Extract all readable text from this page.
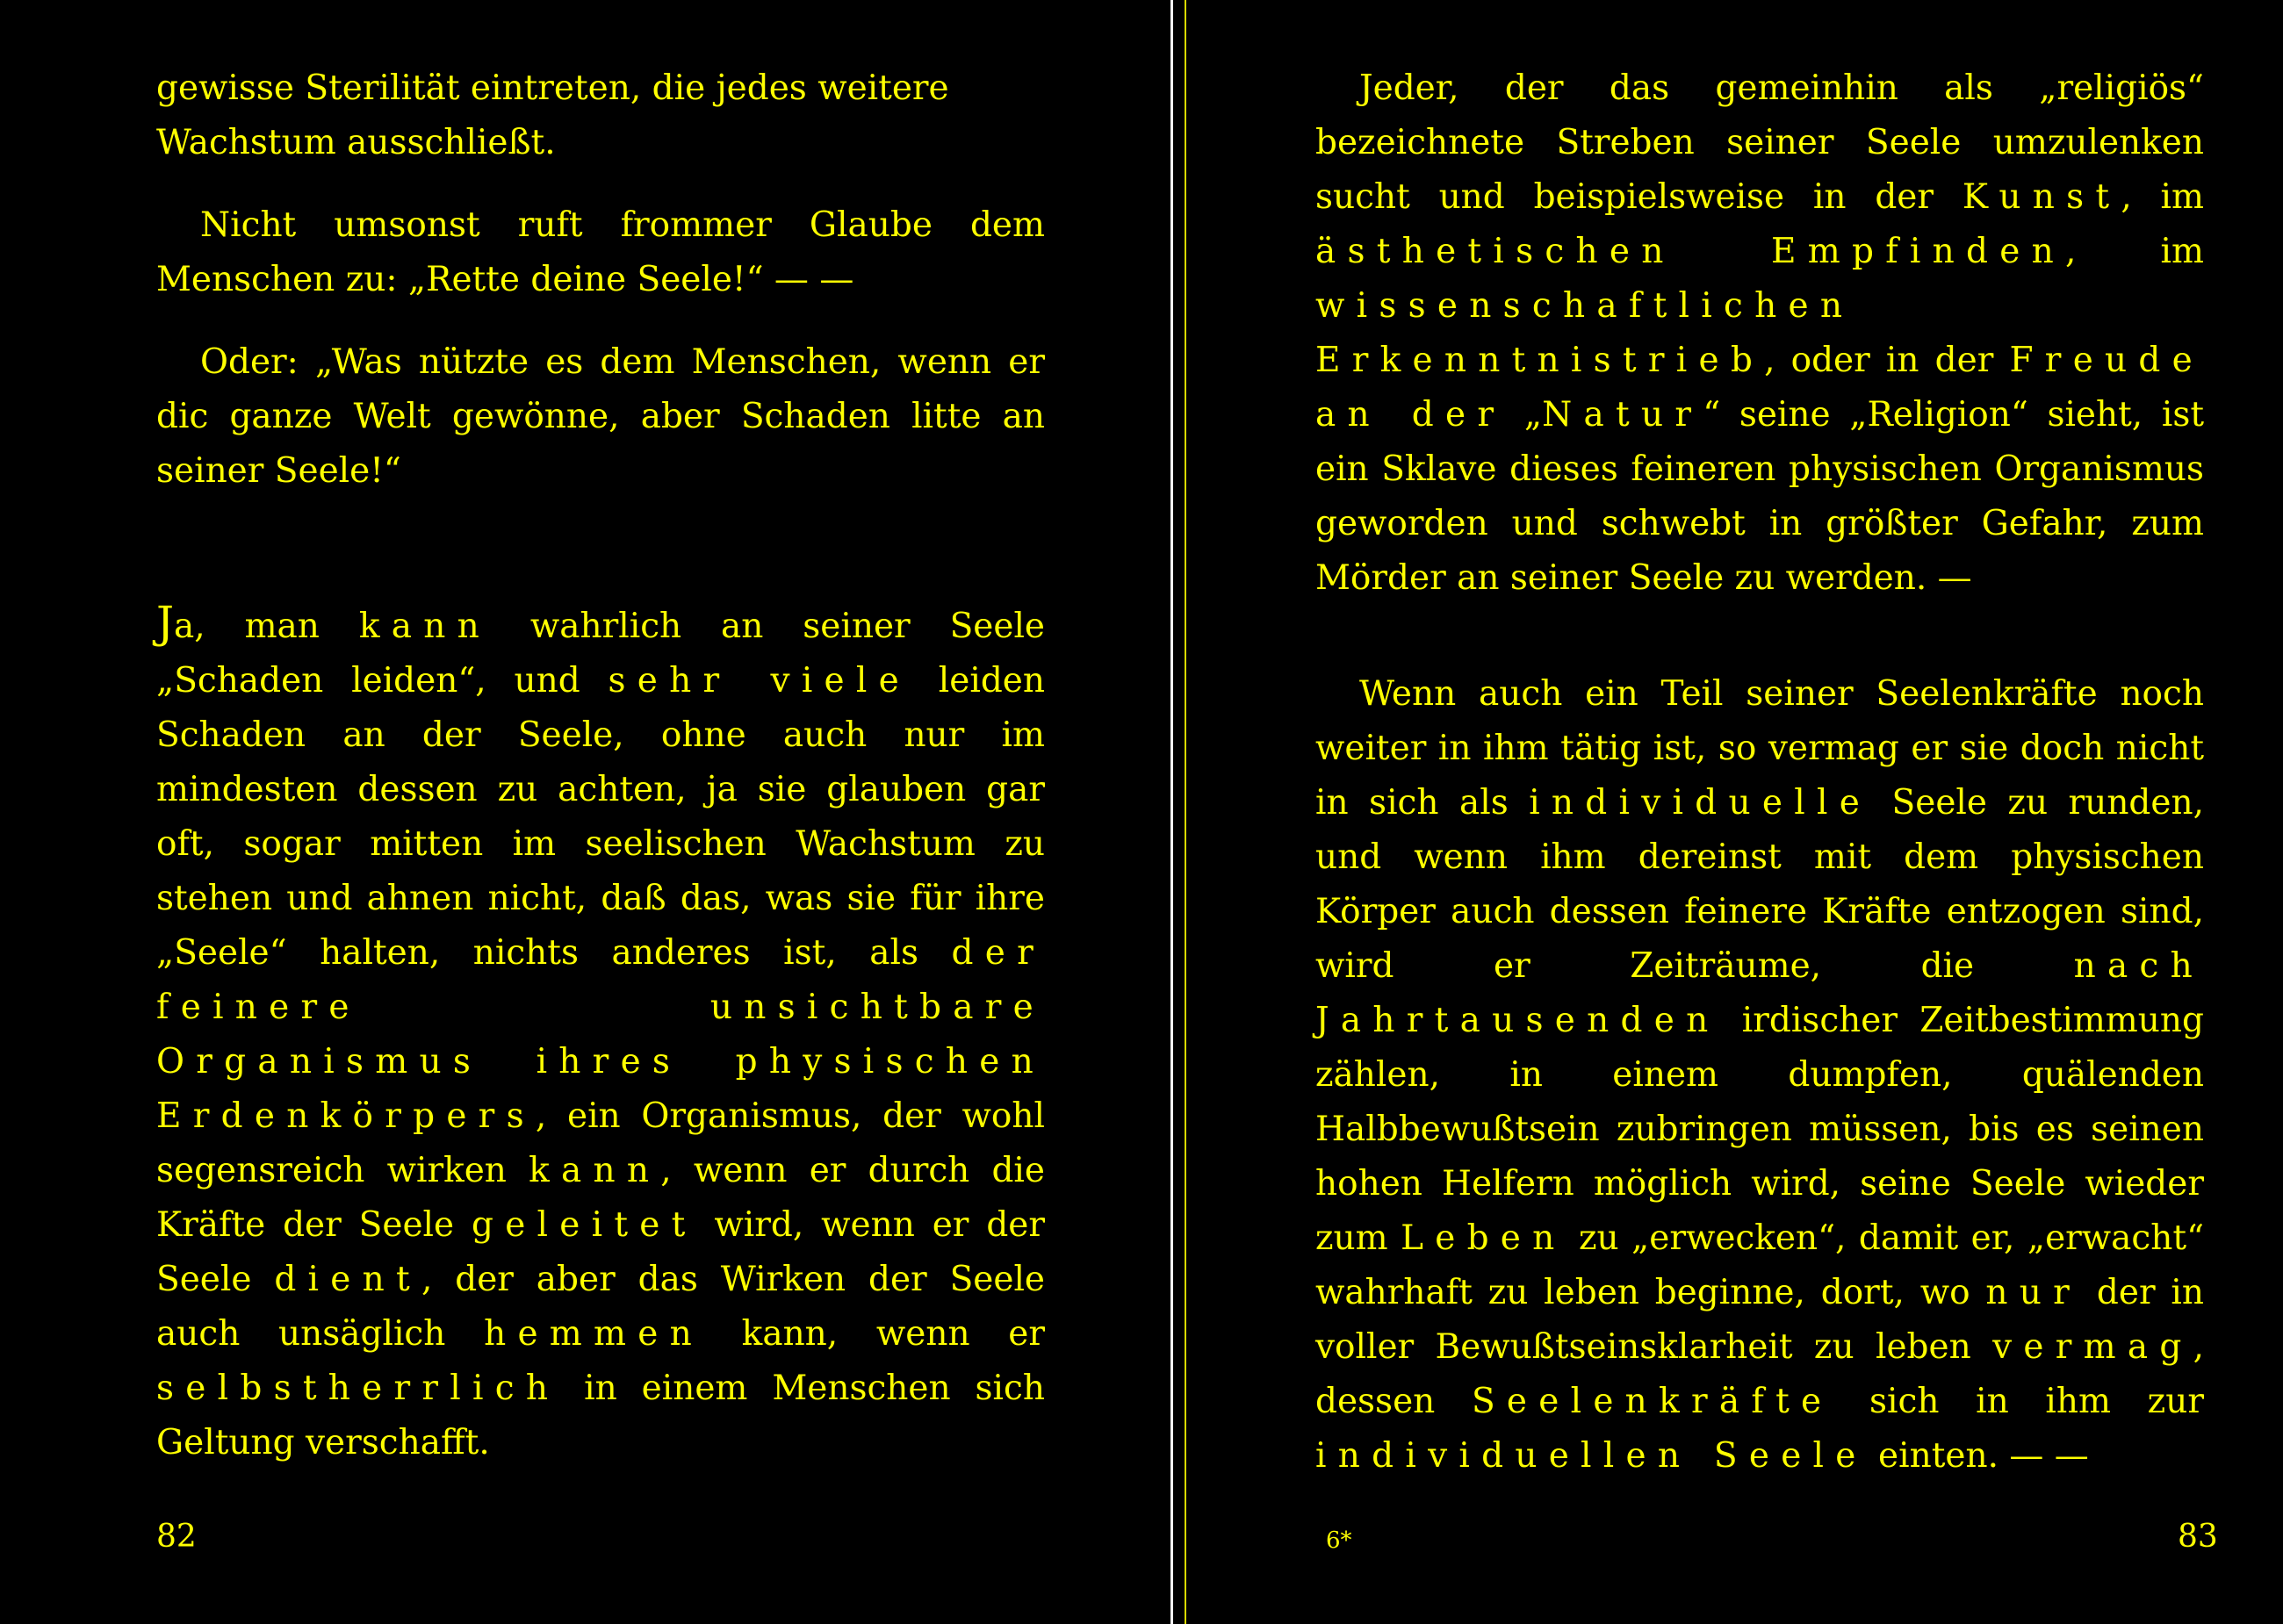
gewisse Sterilität eintreten, die jedes weitere
Wachstum ausschließt.

Nicht umsonst ruft frommer Glaube dem Menschen zu: „Rette deine Seele!“ — —

Oder: „Was nützte es dem Menschen, wenn er dic ganze Welt gewönne, aber Schaden litte an seiner Seele!“

Ja, man kann wahrlich an seiner Seele „Schaden leiden“, und sehr viele leiden Schaden an der Seele, ohne auch nur im mindesten dessen zu achten, ja sie glauben gar oft, sogar mitten im seelischen Wachstum zu stehen und ahnen nicht, daß das, was sie für ihre „Seele“ halten, nichts anderes ist, als der feinere unsichtbare Organismus ihres physischen Erdenkörpers, ein Organismus, der wohl segensreich wirken kann, wenn er durch die Kräfte der Seele geleitet wird, wenn er der Seele dient, der aber das Wirken der Seele auch unsäglich hemmen kann, wenn er selbstherrlich in einem Menschen sich Geltung verschafft.

Jeder, der das gemeinhin als „religiös“ bezeichnete Streben seiner Seele umzulenken sucht und beispielsweise in der Kunst, im ästhetischen Empfinden, im wissenschaftlichen Erkenntnistrieb, oder in der Freude an der „Natur“ seine „Religion“ sieht, ist ein Sklave dieses feineren physischen Organismus geworden und schwebt in größter Gefahr, zum Mörder an seiner Seele zu werden. —

Wenn auch ein Teil seiner Seelenkräfte noch weiter in ihm tätig ist, so vermag er sie doch nicht in sich als individuelle Seele zu runden, und wenn ihm dereinst mit dem physischen Körper auch dessen feinere Kräfte entzogen sind, wird er Zeiträume, die nach Jahrtausenden irdischer Zeitbestimmung zählen, in einem dumpfen, quälenden Halbbewußtsein zubringen müssen, bis es seinen hohen Helfern möglich wird, seine Seele wieder zum Leben zu „erwecken“, damit er, „erwacht“ wahrhaft zu leben beginne, dort, wo nur der in voller Bewußtseinsklarheit zu leben vermag, dessen Seelenkräfte sich in ihm zur individuellen Seele einten. — —

82	6*	83
